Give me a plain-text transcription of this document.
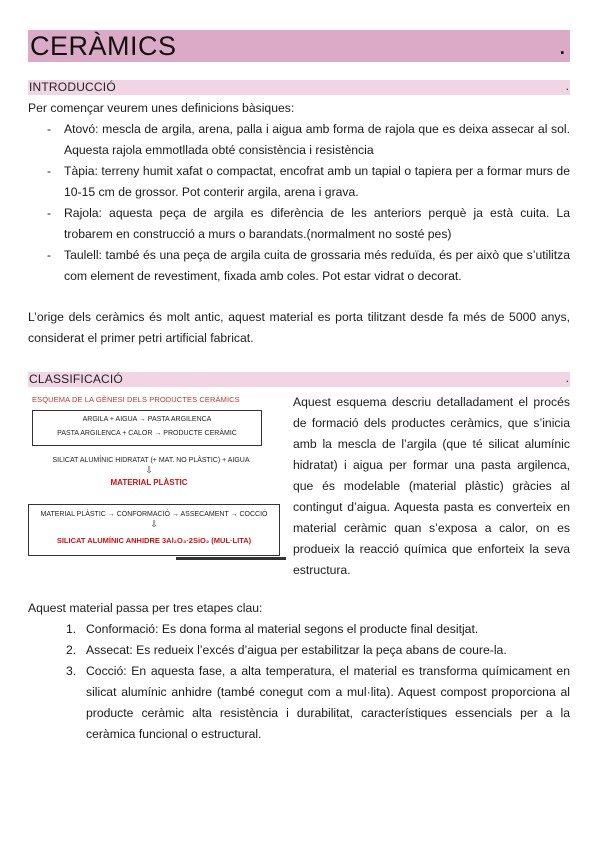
CERÀMICS	.
INTRODUCCIÓ	.
Per començar veurem unes definicions bàsiques:
- Atovó: mescla de argila, arena, palla i aigua amb forma de rajola que es deixa assecar al sol. Aquesta rajola emmotllada obté consistència i resistència
- Tàpia: terreny humit xafat o compactat, encofrat amb un tapial o tapiera per a formar murs de 10-15 cm de grossor. Pot conterir argila, arena i grava.
- Rajola: aquesta peça de argila es diferència de les anteriors perquè ja està cuita. La trobarem en construcció a murs o barandats.(normalment no sosté pes)
- Taulell: també és una peça de argila cuita de grossaria més reduïda, és per això que s’utilitza com element de revestiment, fixada amb coles. Pot estar vidrat o decorat.
L’orige dels ceràmics és molt antic, aquest material es porta tilitzant desde fa més de 5000 anys, considerat el primer petri artificial fabricat.
CLASSIFICACIÓ	.
ESQUEMA DE LA GÈNESI DELS PRODUCTES CERÀMICS
ARGILA + AIGUA → PASTA ARGILENCA
PASTA ARGILENCA + CALOR → PRODUCTE CERÀMIC
SILICAT ALUMÍNIC HIDRATAT (+ MAT. NO PLÀSTIC) + AIGUA
⇩
MATERIAL PLÀSTIC
MATERIAL PLÀSTIC → CONFORMACIÓ → ASSECAMENT → COCCIÓ
⇩
SILICAT ALUMÍNIC ANHIDRE 3Al₂O₃·2SiO₂ (MUL·LITA)
Aquest esquema descriu detalladament el procés de formació dels productes ceràmics, que s’inicia amb la mescla de l’argila (que té silicat alumínic hidratat) i aigua per formar una pasta argilenca, que és modelable (material plàstic) gràcies al contingut d’aigua. Aquesta pasta es converteix en material ceràmic quan s’exposa a calor, on es produeix la reacció química que enforteix la seva estructura.
Aquest material passa per tres etapes clau:
1. Conformació: Es dona forma al material segons el producte final desitjat.
2. Assecat: Es redueix l’excés d’aigua per estabilitzar la peça abans de coure-la.
3. Cocció: En aquesta fase, a alta temperatura, el material es transforma químicament en silicat alumínic anhidre (també conegut com a mul·lita). Aquest compost proporciona al producte ceràmic alta resistència i durabilitat, característiques essencials per a la ceràmica funcional o estructural.
